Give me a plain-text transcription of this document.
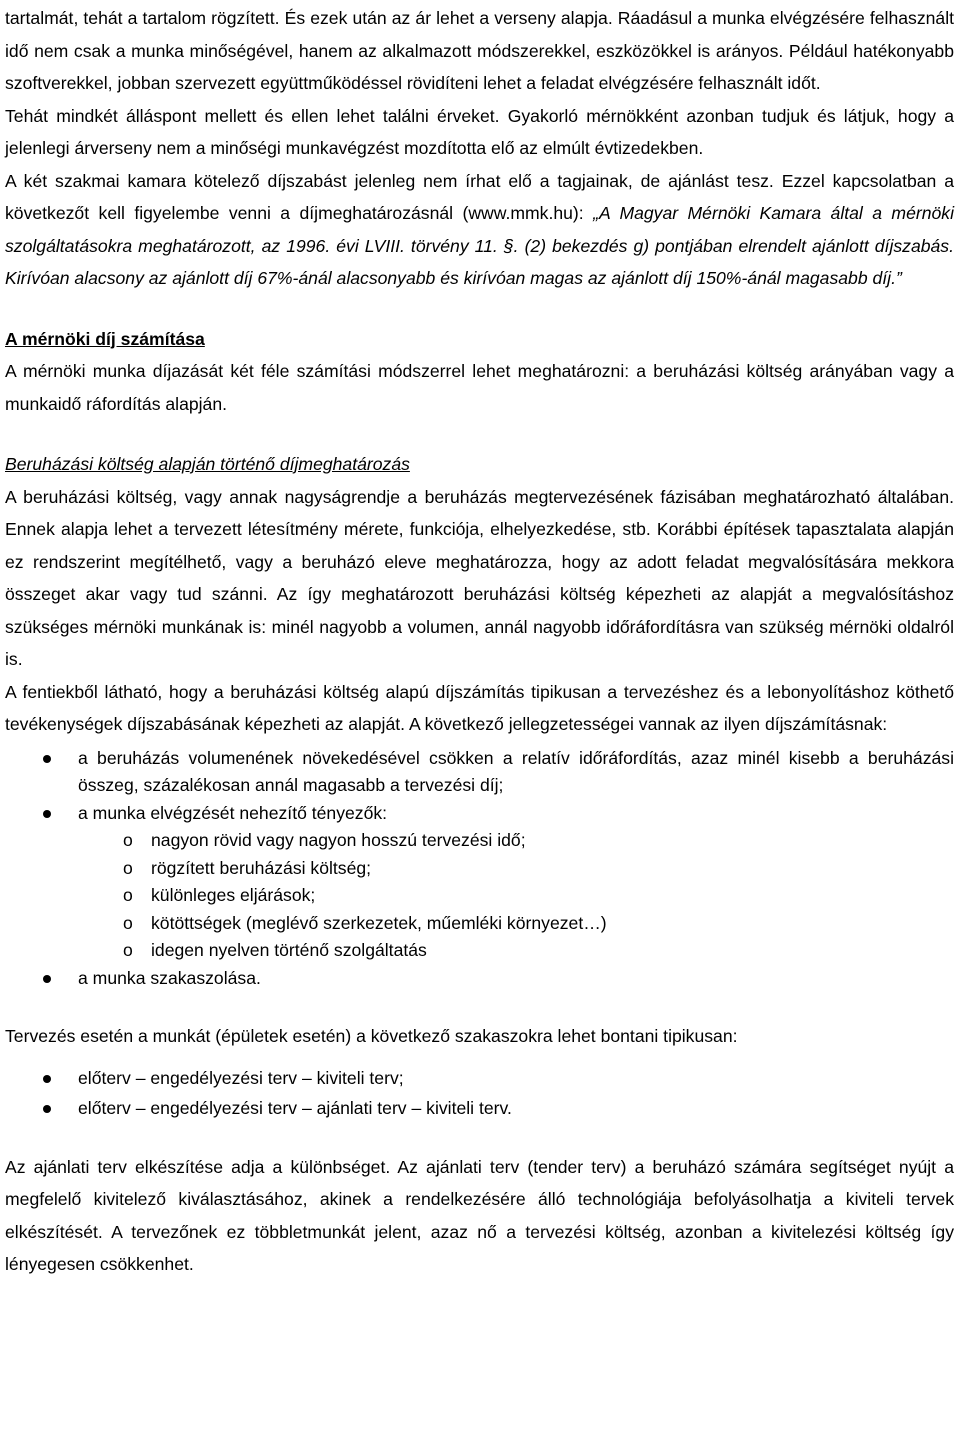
tartalmát, tehát a tartalom rögzített. És ezek után az ár lehet a verseny alapja. Ráadásul a munka elvégzésére felhasznált idő nem csak a munka minőségével, hanem az alkalmazott módszerekkel, eszközökkel is arányos. Például hatékonyabb szoftverekkel, jobban szervezett együttműködéssel rövidíteni lehet a feladat elvégzésére felhasznált időt.

Tehát mindkét álláspont mellett és ellen lehet találni érveket. Gyakorló mérnökként azonban tudjuk és látjuk, hogy a jelenlegi árverseny nem a minőségi munkavégzést mozdította elő az elmúlt évtizedekben.

A két szakmai kamara kötelező díjszabást jelenleg nem írhat elő a tagjainak, de ajánlást tesz. Ezzel kapcsolatban a következőt kell figyelembe venni a díjmeghatározásnál (www.mmk.hu): „A Magyar Mérnöki Kamara által a mérnöki szolgáltatásokra meghatározott, az 1996. évi LVIII. törvény 11. §. (2) bekezdés g) pontjában elrendelt ajánlott díjszabás. Kirívóan alacsony az ajánlott díj 67%-ánál alacsonyabb és kirívóan magas az ajánlott díj 150%-ánál magasabb díj.”

A mérnöki díj számítása

A mérnöki munka díjazását két féle számítási módszerrel lehet meghatározni: a beruházási költség arányában vagy a munkaidő ráfordítás alapján.

Beruházási költség alapján történő díjmeghatározás

A beruházási költség, vagy annak nagyságrendje a beruházás megtervezésének fázisában meghatározható általában. Ennek alapja lehet a tervezett létesítmény mérete, funkciója, elhelyezkedése, stb. Korábbi építések tapasztalata alapján ez rendszerint megítélhető, vagy a beruházó eleve meghatározza, hogy az adott feladat megvalósítására mekkora összeget akar vagy tud szánni. Az így meghatározott beruházási költség képezheti az alapját a megvalósításhoz szükséges mérnöki munkának is: minél nagyobb a volumen, annál nagyobb időráfordításra van szükség mérnöki oldalról is.

A fentiekből látható, hogy a beruházási költség alapú díjszámítás tipikusan a tervezéshez és a lebonyolításhoz köthető tevékenységek díjszabásának képezheti az alapját. A következő jellegzetességei vannak az ilyen díjszámításnak:

a beruházás volumenének növekedésével csökken a relatív időráfordítás, azaz minél kisebb a beruházási összeg, százalékosan annál magasabb a tervezési díj;
a munka elvégzését nehezítő tényezők:
o nagyon rövid vagy nagyon hosszú tervezési idő;
o rögzített beruházási költség;
o különleges eljárások;
o kötöttségek (meglévő szerkezetek, műemléki környezet…)
o idegen nyelven történő szolgáltatás
a munka szakaszolása.

Tervezés esetén a munkát (épületek esetén) a következő szakaszokra lehet bontani tipikusan:

előterv – engedélyezési terv – kiviteli terv;
előterv – engedélyezési terv – ajánlati terv – kiviteli terv.

Az ajánlati terv elkészítése adja a különbséget. Az ajánlati terv (tender terv) a beruházó számára segítséget nyújt a megfelelő kivitelező kiválasztásához, akinek a rendelkezésére álló technológiája befolyásolhatja a kiviteli tervek elkészítését. A tervezőnek ez többletmunkát jelent, azaz nő a tervezési költség, azonban a kivitelezési költség így lényegesen csökkenhet.
